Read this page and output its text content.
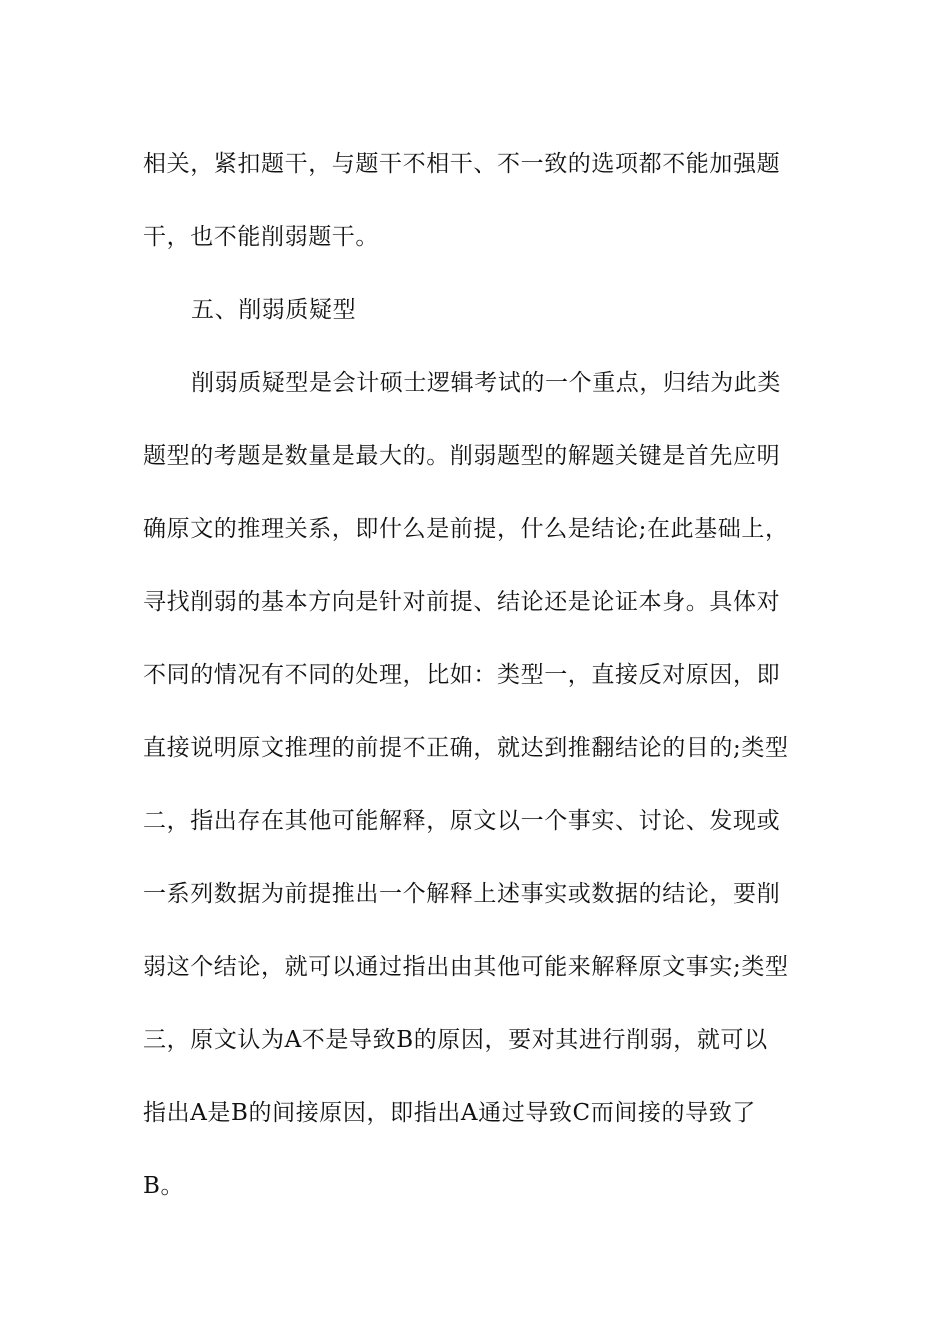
相关，紧扣题干，与题干不相干、不一致的选项都不能加强题
干，也不能削弱题干。
五、削弱质疑型
削弱质疑型是会计硕士逻辑考试的一个重点，归结为此类
题型的考题是数量是最大的。削弱题型的解题关键是首先应明
确原文的推理关系，即什么是前提，什么是结论;在此基础上，
寻找削弱的基本方向是针对前提、结论还是论证本身。具体对
不同的情况有不同的处理，比如：类型一，直接反对原因，即
直接说明原文推理的前提不正确，就达到推翻结论的目的;类型
二，指出存在其他可能解释，原文以一个事实、讨论、发现或
一系列数据为前提推出一个解释上述事实或数据的结论，要削
弱这个结论，就可以通过指出由其他可能来解释原文事实;类型
三，原文认为A不是导致B的原因，要对其进行削弱，就可以
指出A是B的间接原因，即指出A通过导致C而间接的导致了
B。
